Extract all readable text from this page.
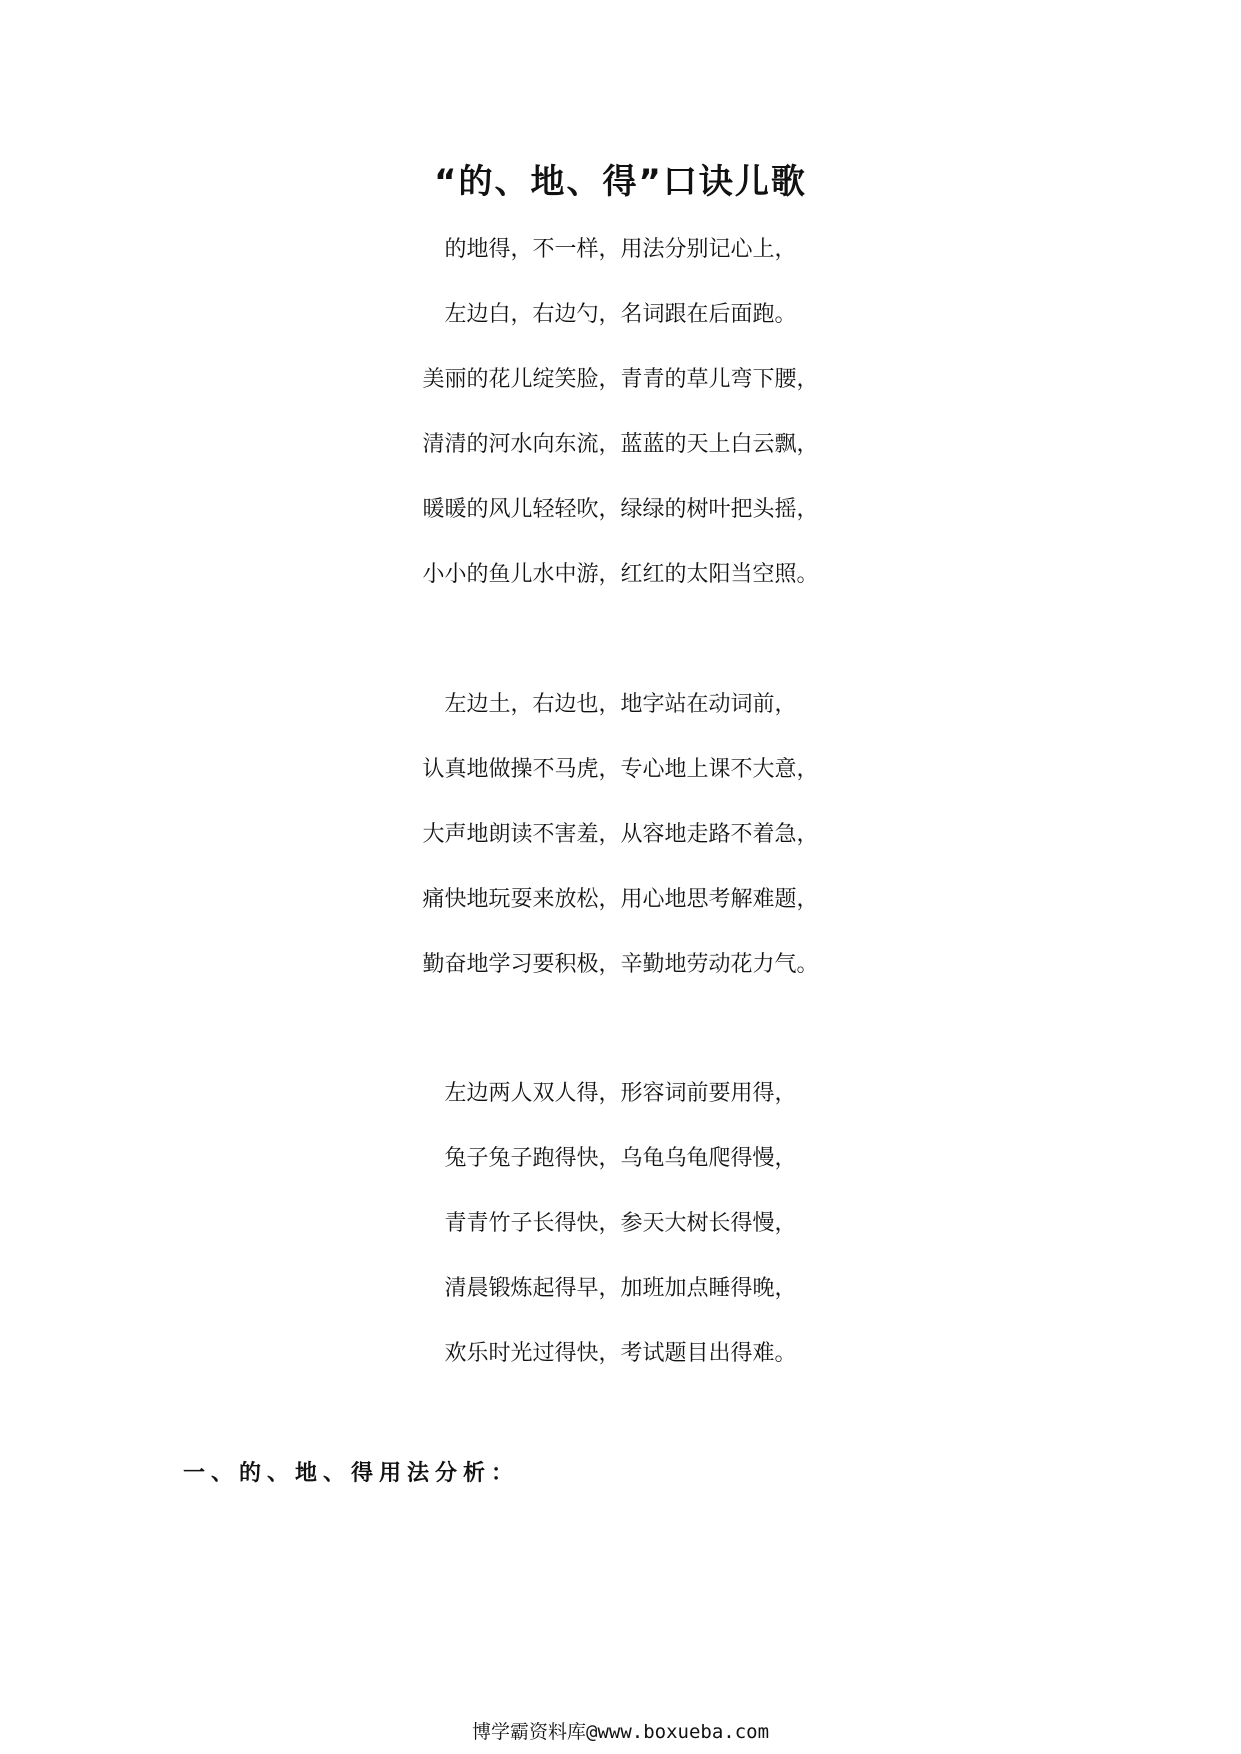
“的、地、得”口诀儿歌
的地得，不一样，用法分别记心上，
左边白，右边勺，名词跟在后面跑。
美丽的花儿绽笑脸，青青的草儿弯下腰，
清清的河水向东流，蓝蓝的天上白云飘，
暖暖的风儿轻轻吹，绿绿的树叶把头摇，
小小的鱼儿水中游，红红的太阳当空照。
左边土，右边也，地字站在动词前，
认真地做操不马虎，专心地上课不大意，
大声地朗读不害羞，从容地走路不着急，
痛快地玩耍来放松，用心地思考解难题，
勤奋地学习要积极，辛勤地劳动花力气。
左边两人双人得，形容词前要用得，
兔子兔子跑得快，乌龟乌龟爬得慢，
青青竹子长得快，参天大树长得慢，
清晨锻炼起得早，加班加点睡得晚，
欢乐时光过得快，考试题目出得难。
一、的、地、得用法分析：
博学霸资料库@www.boxueba.com
